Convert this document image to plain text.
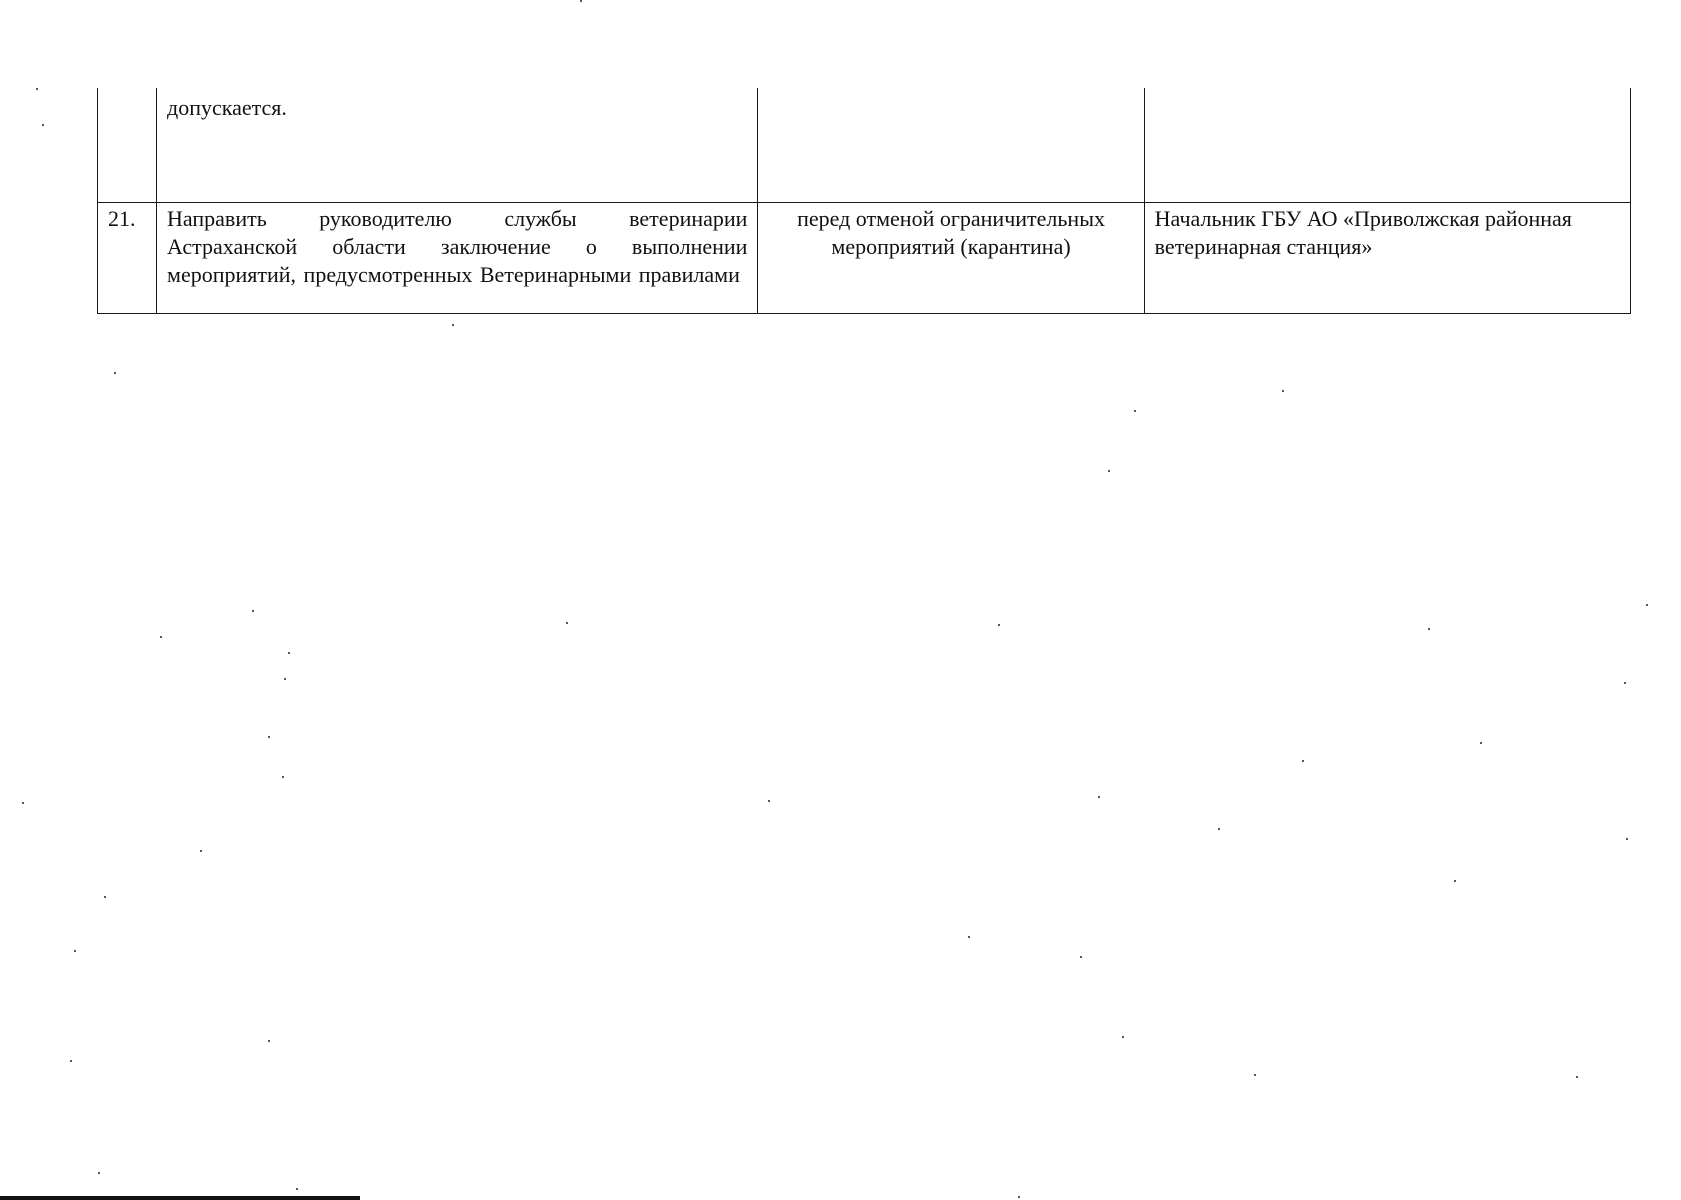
	допускается.		

21.	Направить руководителю службы ветеринарии Астраханской области заключение о выполнении мероприятий, предусмотренных Ветеринарными правилами	перед отменой ограничительных мероприятий (карантина)	Начальник ГБУ АО «Приволжская районная ветеринарная станция»
